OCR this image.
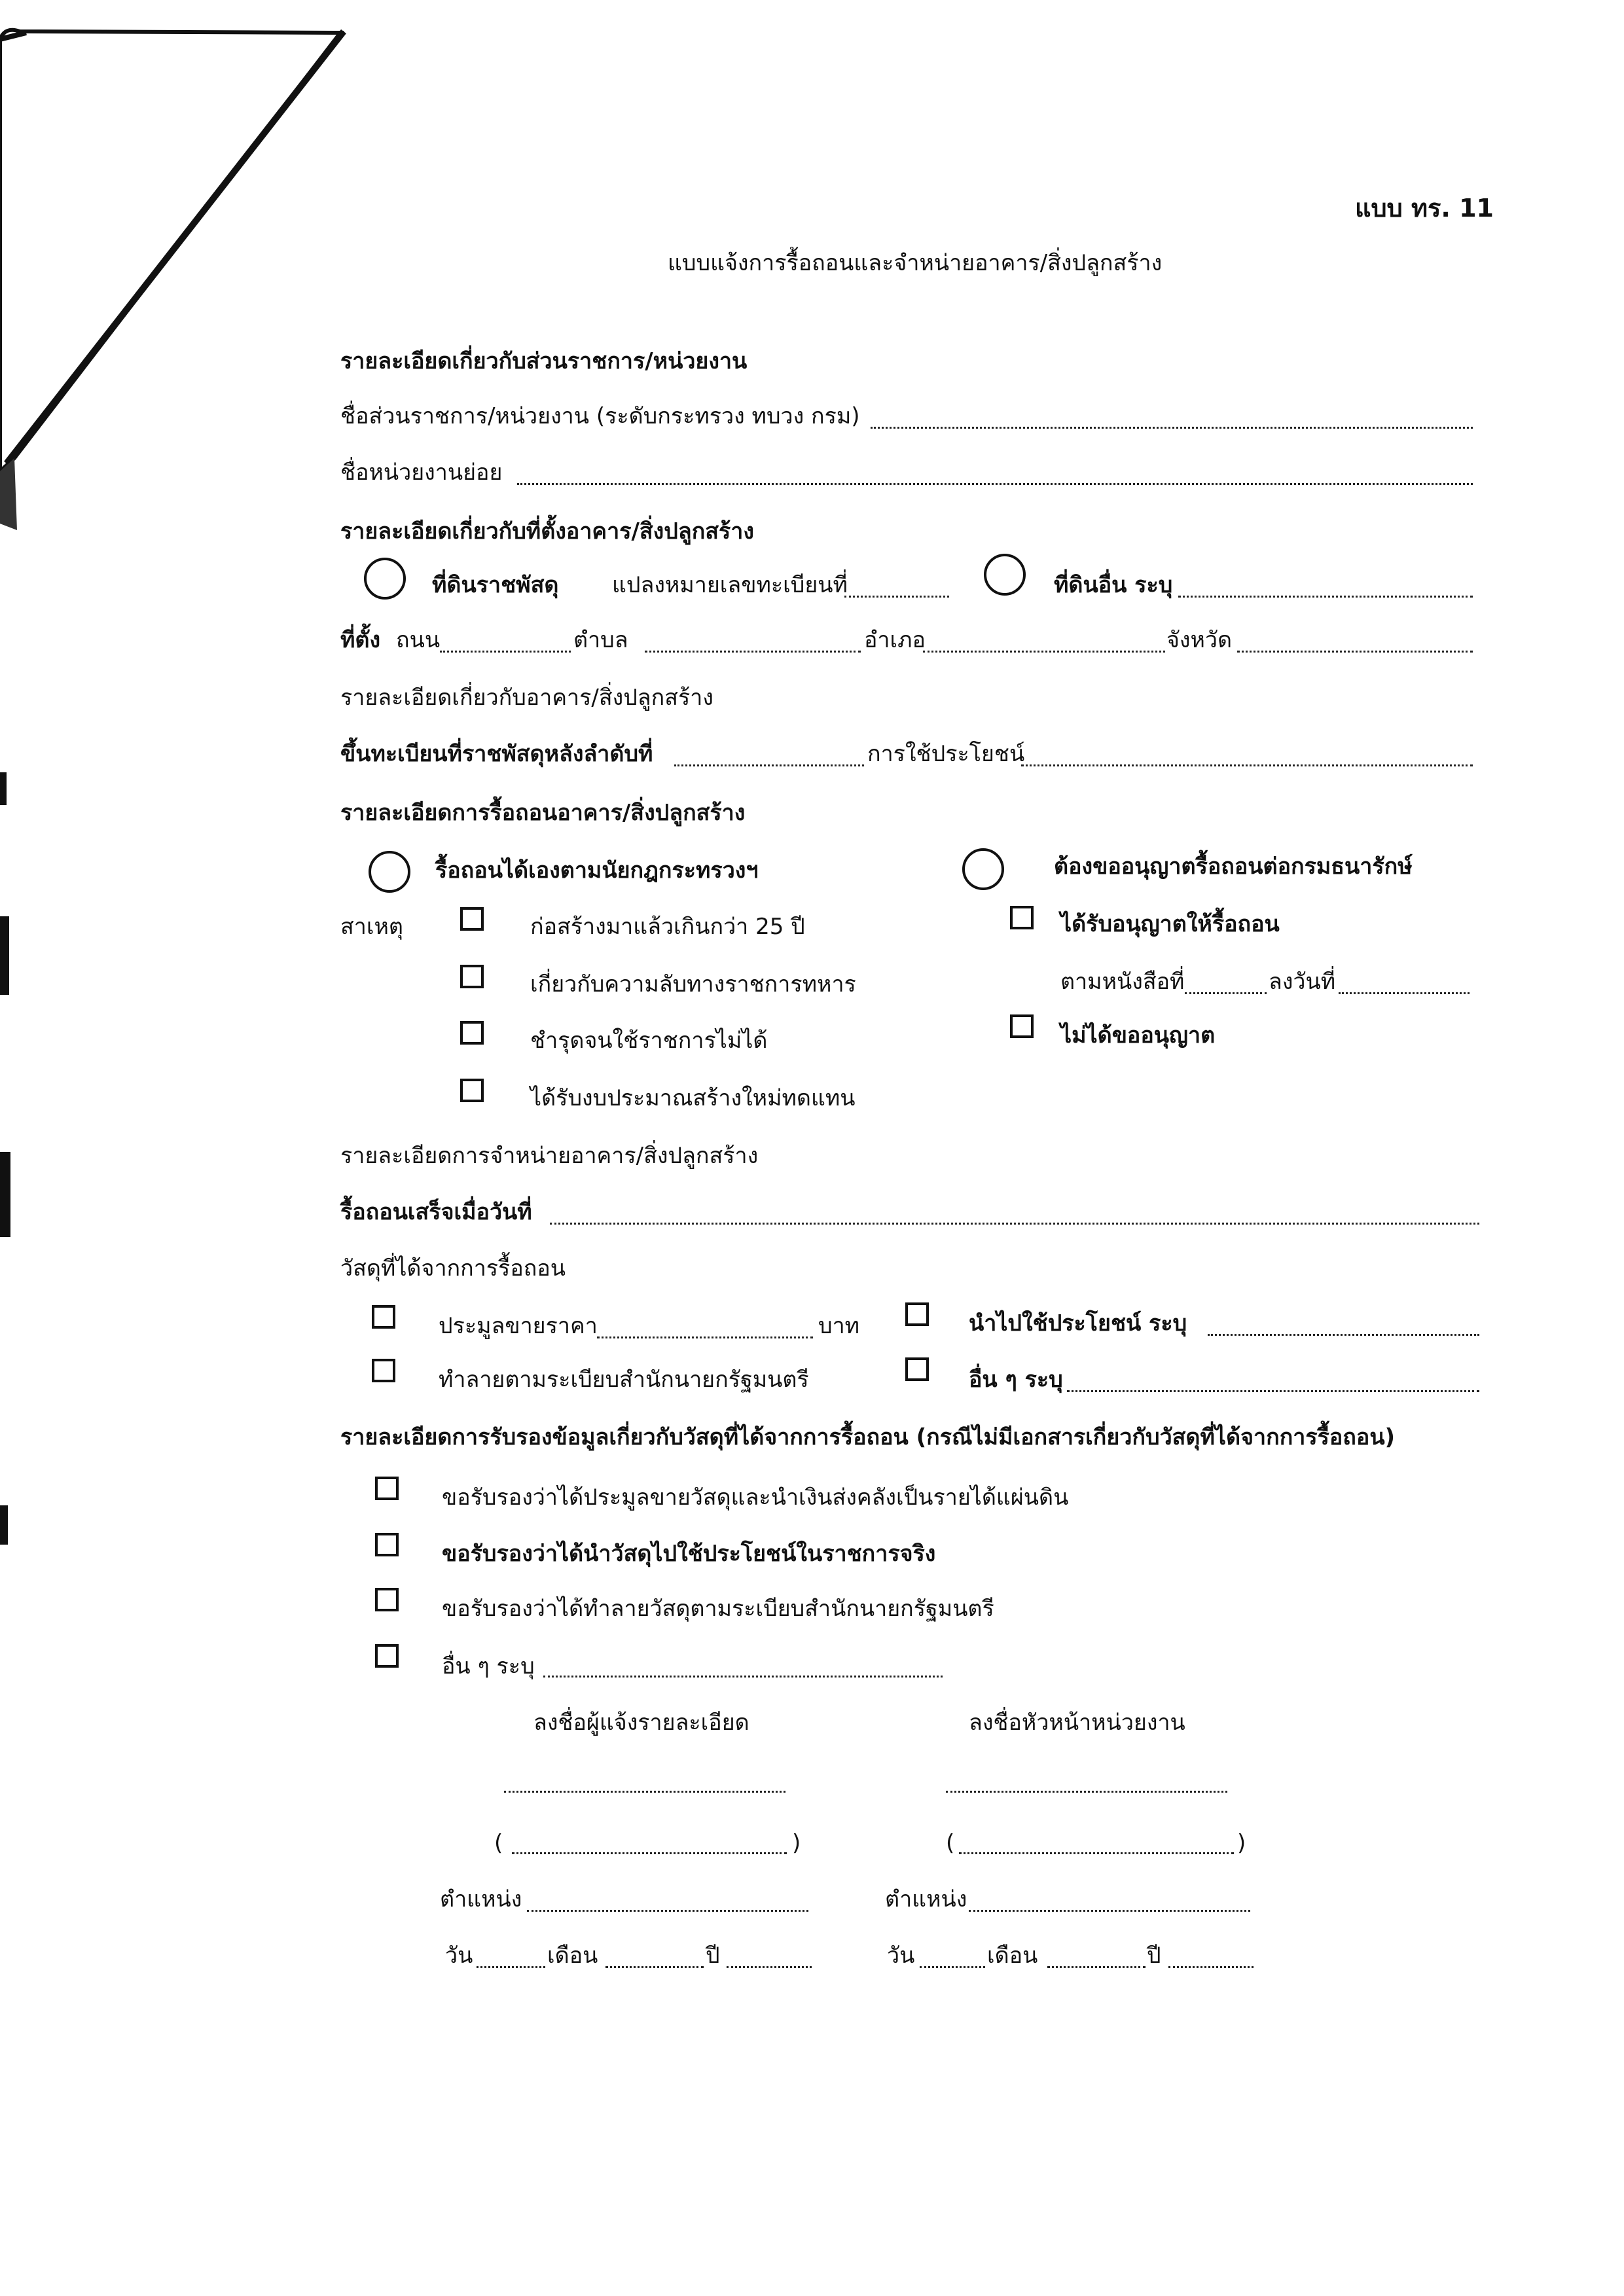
แบบ ทร. 11
แบบแจ้งการรื้อถอนและจำหน่ายอาคาร/สิ่งปลูกสร้าง
รายละเอียดเกี่ยวกับส่วนราชการ/หน่วยงาน
ชื่อส่วนราชการ/หน่วยงาน (ระดับกระทรวง ทบวง กรม)
ชื่อหน่วยงานย่อย
รายละเอียดเกี่ยวกับที่ตั้งอาคาร/สิ่งปลูกสร้าง
ที่ดินราชพัสดุ แปลงหมายเลขทะเบียนที่	ที่ดินอื่น ระบุ
ที่ตั้ง ถนน	ตำบล	อำเภอ	จังหวัด
รายละเอียดเกี่ยวกับอาคาร/สิ่งปลูกสร้าง
ขึ้นทะเบียนที่ราชพัสดุหลังลำดับที่	การใช้ประโยชน์
รายละเอียดการรื้อถอนอาคาร/สิ่งปลูกสร้าง
รื้อถอนได้เองตามนัยกฎกระทรวงฯ	ต้องขออนุญาตรื้อถอนต่อกรมธนารักษ์
สาเหตุ	ก่อสร้างมาแล้วเกินกว่า 25 ปี
เกี่ยวกับความลับทางราชการทหาร
ชำรุดจนใช้ราชการไม่ได้
ได้รับงบประมาณสร้างใหม่ทดแทน
ได้รับอนุญาตให้รื้อถอน
ตามหนังสือที่	ลงวันที่
ไม่ได้ขออนุญาต
รายละเอียดการจำหน่ายอาคาร/สิ่งปลูกสร้าง
รื้อถอนเสร็จเมื่อวันที่
วัสดุที่ได้จากการรื้อถอน
ประมูลขายราคา	บาท	นำไปใช้ประโยชน์ ระบุ
ทำลายตามระเบียบสำนักนายกรัฐมนตรี	อื่น ๆ ระบุ
รายละเอียดการรับรองข้อมูลเกี่ยวกับวัสดุที่ได้จากการรื้อถอน (กรณีไม่มีเอกสารเกี่ยวกับวัสดุที่ได้จากการรื้อถอน)
ขอรับรองว่าได้ประมูลขายวัสดุและนำเงินส่งคลังเป็นรายได้แผ่นดิน
ขอรับรองว่าได้นำวัสดุไปใช้ประโยชน์ในราชการจริง
ขอรับรองว่าได้ทำลายวัสดุตามระเบียบสำนักนายกรัฐมนตรี
อื่น ๆ ระบุ
ลงชื่อผู้แจ้งรายละเอียด	ลงชื่อหัวหน้าหน่วยงาน
(	)	(	)
ตำแหน่ง	ตำแหน่ง
วัน	เดือน	ปี	วัน	เดือน	ปี
